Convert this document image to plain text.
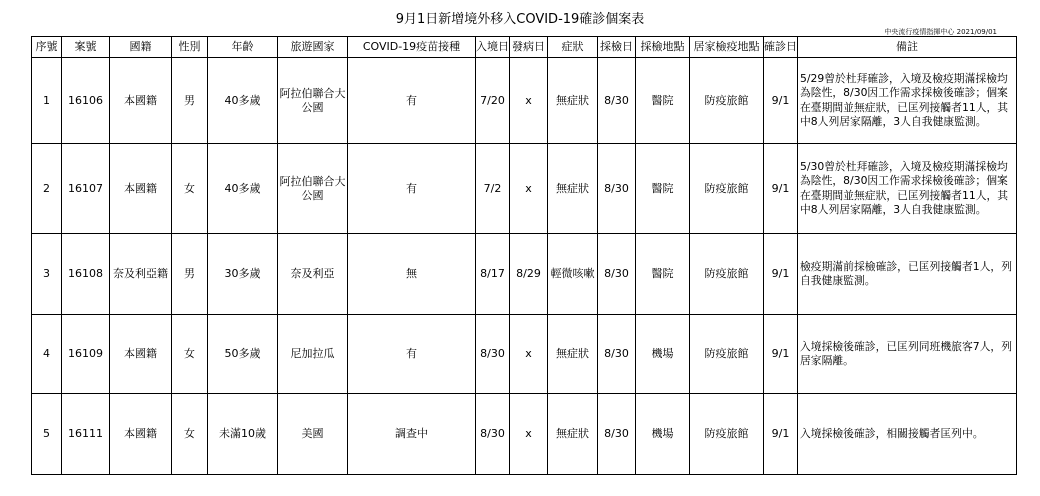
9月1日新增境外移入COVID-19確診個案表
中央流行疫情指揮中心 2021/09/01
序號	案號	國籍	性別	年齡	旅遊國家	COVID-19疫苗接種	入境日	發病日	症狀	採檢日	採檢地點	居家檢疫地點	確診日	備註
1	16106	本國籍	男	40多歲	阿拉伯聯合大公國	有	7/20	x	無症狀	8/30	醫院	防疫旅館	9/1	5/29曾於杜拜確診，入境及檢疫期滿採檢均為陰性，8/30因工作需求採檢後確診；個案在臺期間並無症狀，已匡列接觸者11人，其中8人列居家隔離，3人自我健康監測。
2	16107	本國籍	女	40多歲	阿拉伯聯合大公國	有	7/2	x	無症狀	8/30	醫院	防疫旅館	9/1	5/30曾於杜拜確診，入境及檢疫期滿採檢均為陰性，8/30因工作需求採檢後確診；個案在臺期間並無症狀，已匡列接觸者11人，其中8人列居家隔離，3人自我健康監測。
3	16108	奈及利亞籍	男	30多歲	奈及利亞	無	8/17	8/29	輕微咳嗽	8/30	醫院	防疫旅館	9/1	檢疫期滿前採檢確診，已匡列接觸者1人，列自我健康監測。
4	16109	本國籍	女	50多歲	尼加拉瓜	有	8/30	x	無症狀	8/30	機場	防疫旅館	9/1	入境採檢後確診，已匡列同班機旅客7人，列居家隔離。
5	16111	本國籍	女	未滿10歲	美國	調查中	8/30	x	無症狀	8/30	機場	防疫旅館	9/1	入境採檢後確診，相關接觸者匡列中。
